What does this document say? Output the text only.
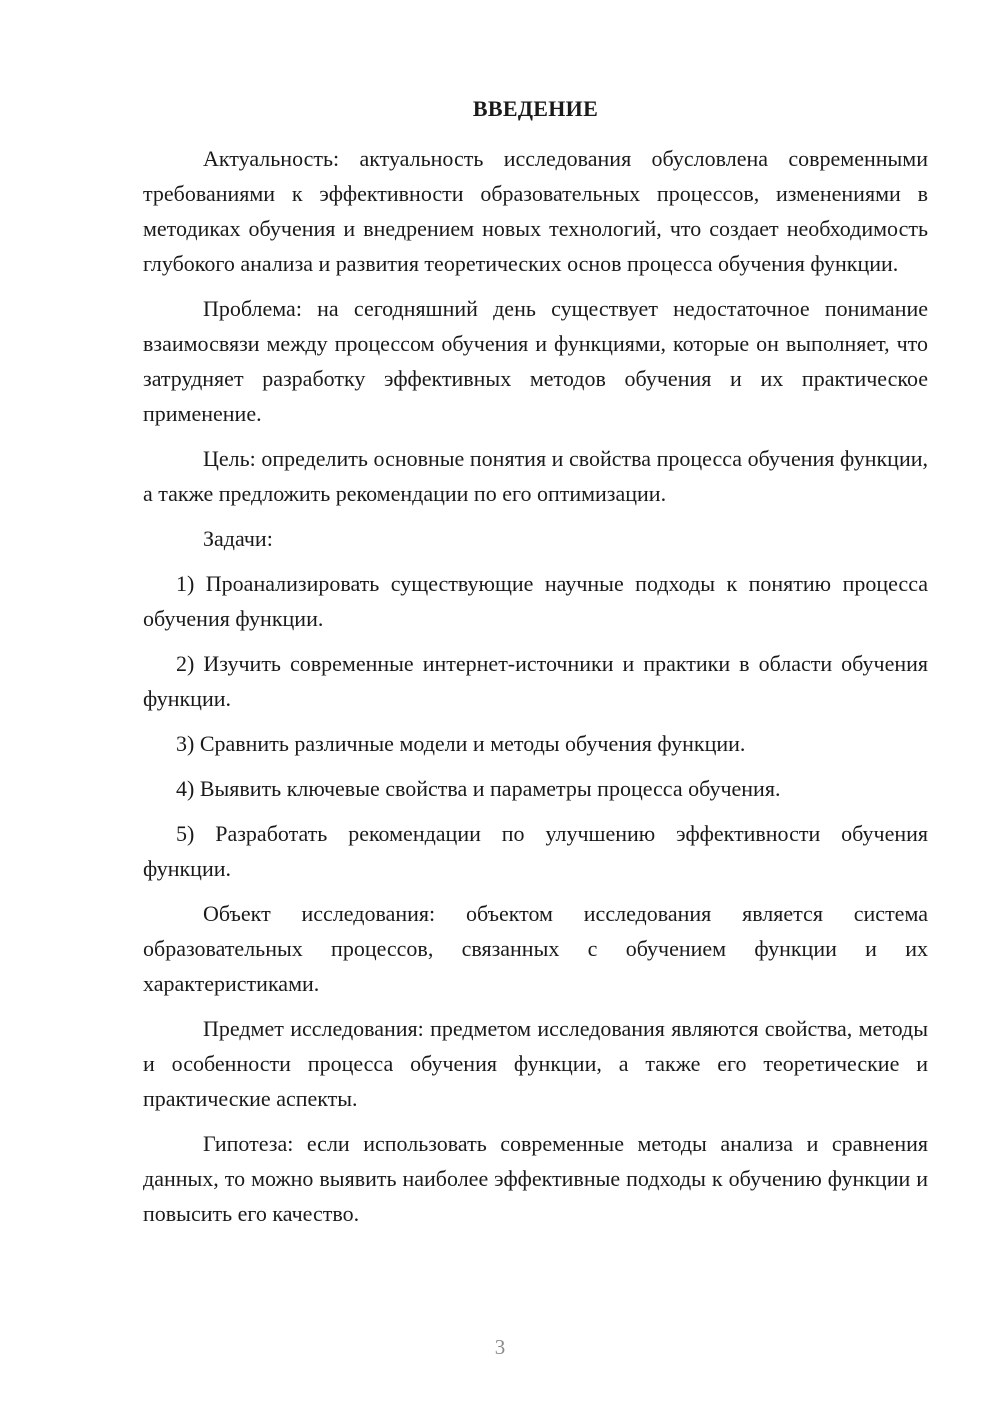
ВВЕДЕНИЕ

Актуальность: актуальность исследования обусловлена современными требованиями к эффективности образовательных процессов, изменениями в методиках обучения и внедрением новых технологий, что создает необходимость глубокого анализа и развития теоретических основ процесса обучения функции.

Проблема: на сегодняшний день существует недостаточное понимание взаимосвязи между процессом обучения и функциями, которые он выполняет, что затрудняет разработку эффективных методов обучения и их практическое применение.

Цель: определить основные понятия и свойства процесса обучения функции, а также предложить рекомендации по его оптимизации.

Задачи:

1) Проанализировать существующие научные подходы к понятию процесса обучения функции.

2) Изучить современные интернет-источники и практики в области обучения функции.

3) Сравнить различные модели и методы обучения функции.

4) Выявить ключевые свойства и параметры процесса обучения.

5) Разработать рекомендации по улучшению эффективности обучения функции.

Объект исследования: объектом исследования является система образовательных процессов, связанных с обучением функции и их характеристиками.

Предмет исследования: предметом исследования являются свойства, методы и особенности процесса обучения функции, а также его теоретические и практические аспекты.

Гипотеза: если использовать современные методы анализа и сравнения данных, то можно выявить наиболее эффективные подходы к обучению функции и повысить его качество.

3
